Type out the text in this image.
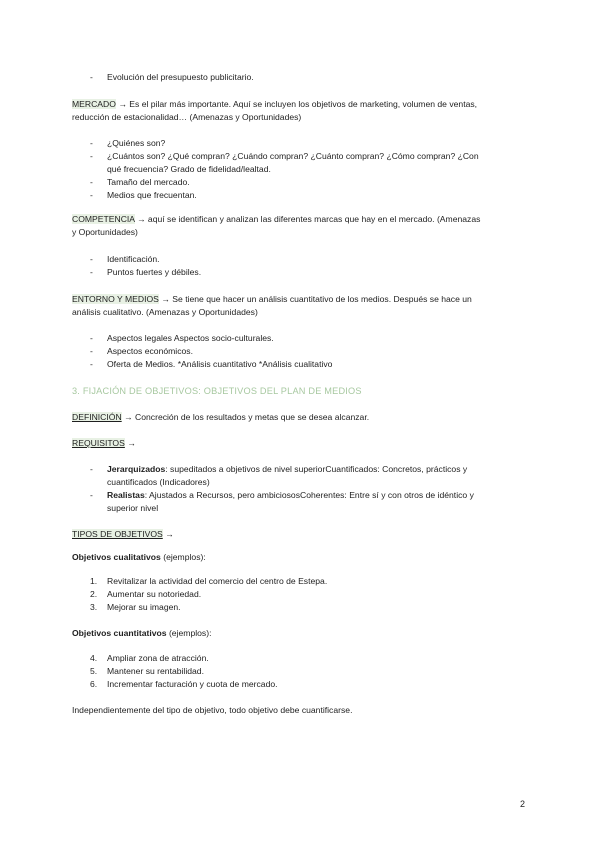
-	Evolución del presupuesto publicitario.

MERCADO → Es el pilar más importante. Aquí se incluyen los objetivos de marketing, volumen de ventas,

reducción de estacionalidad… (Amenazas y Oportunidades)

-	¿Quiénes son?
-	¿Cuántos son? ¿Qué compran? ¿Cuándo compran? ¿Cuánto compran? ¿Cómo compran? ¿Con
qué frecuencia? Grado de fidelidad/lealtad.
-	Tamaño del mercado.
-	Medios que frecuentan.

COMPETENCIA → aquí se identifican y analizan las diferentes marcas que hay en el mercado. (Amenazas

y Oportunidades)

-	Identificación.
-	Puntos fuertes y débiles.

ENTORNO Y MEDIOS → Se tiene que hacer un análisis cuantitativo de los medios. Después se hace un

análisis cualitativo. (Amenazas y Oportunidades)

-	Aspectos legales Aspectos socio-culturales.
-	Aspectos económicos.
-	Oferta de Medios. *Análisis cuantitativo *Análisis cualitativo

3. FIJACIÓN DE OBJETIVOS: OBJETIVOS DEL PLAN DE MEDIOS

DEFINICIÓN → Concreción de los resultados y metas que se desea alcanzar.

REQUISITOS →

-	Jerarquizados: supeditados a objetivos de nivel superiorCuantificados: Concretos, prácticos y
cuantificados (Indicadores)
-	Realistas: Ajustados a Recursos, pero ambiciososCoherentes: Entre sí y con otros de idéntico y
superior nivel

TIPOS DE OBJETIVOS →

Objetivos cualitativos (ejemplos):

1.	Revitalizar la actividad del comercio del centro de Estepa.
2.	Aumentar su notoriedad.
3.	Mejorar su imagen.

Objetivos cuantitativos (ejemplos):

4.	Ampliar zona de atracción.
5.	Mantener su rentabilidad.
6.	Incrementar facturación y cuota de mercado.

Independientemente del tipo de objetivo, todo objetivo debe cuantificarse.

2
